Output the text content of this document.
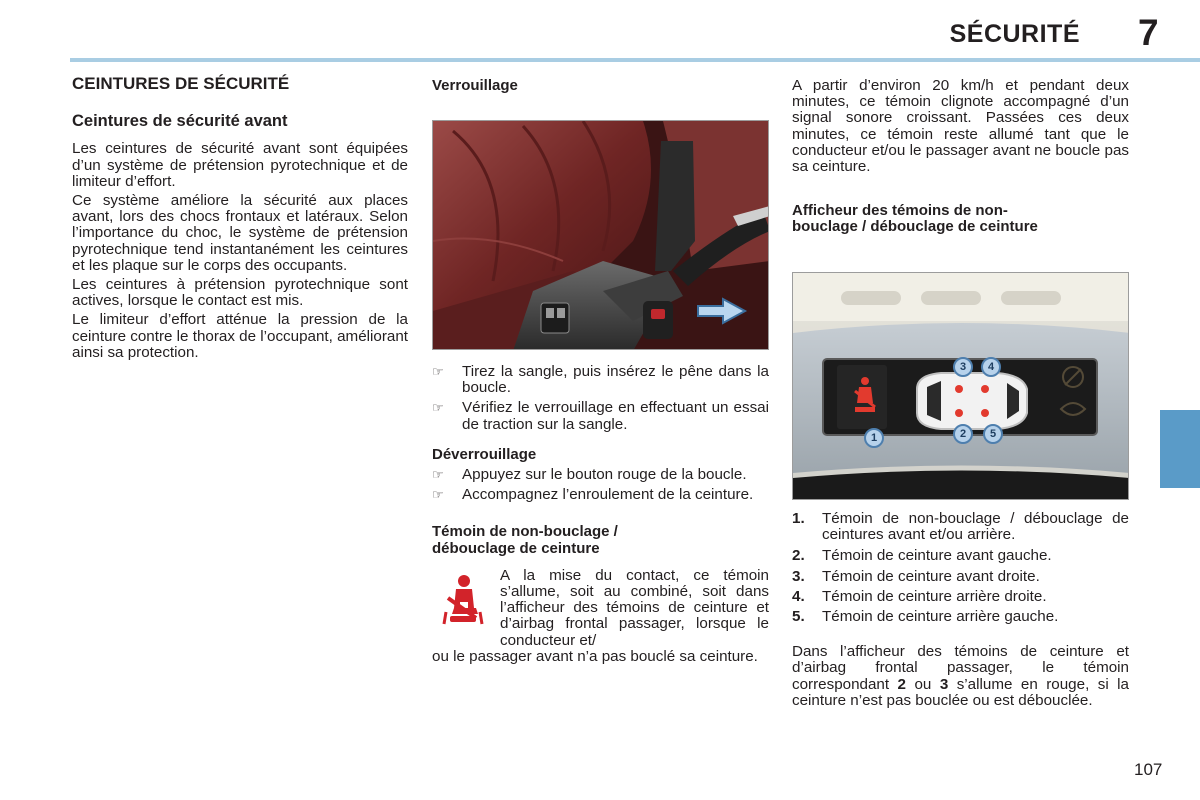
SÉCURITÉ 7
CEINTURES DE SÉCURITÉ
Ceintures de sécurité avant

Les ceintures de sécurité avant sont équipées d’un système de prétension pyrotechnique et de limiteur d’effort.

Ce système améliore la sécurité aux places avant, lors des chocs frontaux et latéraux. Selon l’importance du choc, le système de prétension pyrotechnique tend instantanément les ceintures et les plaque sur le corps des occupants.

Les ceintures à prétension pyrotechnique sont actives, lorsque le contact est mis.

Le limiteur d’effort atténue la pression de la ceinture contre le thorax de l’occupant, améliorant ainsi sa protection.

Verrouillage
☞ Tirez la sangle, puis insérez le pêne dans la boucle.
☞ Vérifiez le verrouillage en effectuant un essai de traction sur la sangle.
Déverrouillage
☞ Appuyez sur le bouton rouge de la boucle.
☞ Accompagnez l’enroulement de la ceinture.
Témoin de non-bouclage /
débouclage de ceinture

A la mise du contact, ce témoin s’allume, soit au combiné, soit dans l’afficheur des témoins de ceinture et d’airbag frontal passager, lorsque le conducteur et/

ou le passager avant n’a pas bouclé sa ceinture.

A partir d’environ 20 km/h et pendant deux minutes, ce témoin clignote accompagné d’un signal sonore croissant. Passées ces deux minutes, ce témoin reste allumé tant que le conducteur et/ou le passager avant ne boucle pas sa ceinture.

Afficheur des témoins de non-
bouclage / débouclage de ceinture
1	2
3	4
5
1. Témoin de non-bouclage / débouclage de ceintures avant et/ou arrière.

2. Témoin de ceinture avant gauche.

3. Témoin de ceinture avant droite.

4. Témoin de ceinture arrière droite.

5. Témoin de ceinture arrière gauche.

Dans l’afficheur des témoins de ceinture et d’airbag frontal passager, le témoin correspondant 2 ou 3 s’allume en rouge, si la ceinture n’est pas bouclée ou est débouclée.

107
